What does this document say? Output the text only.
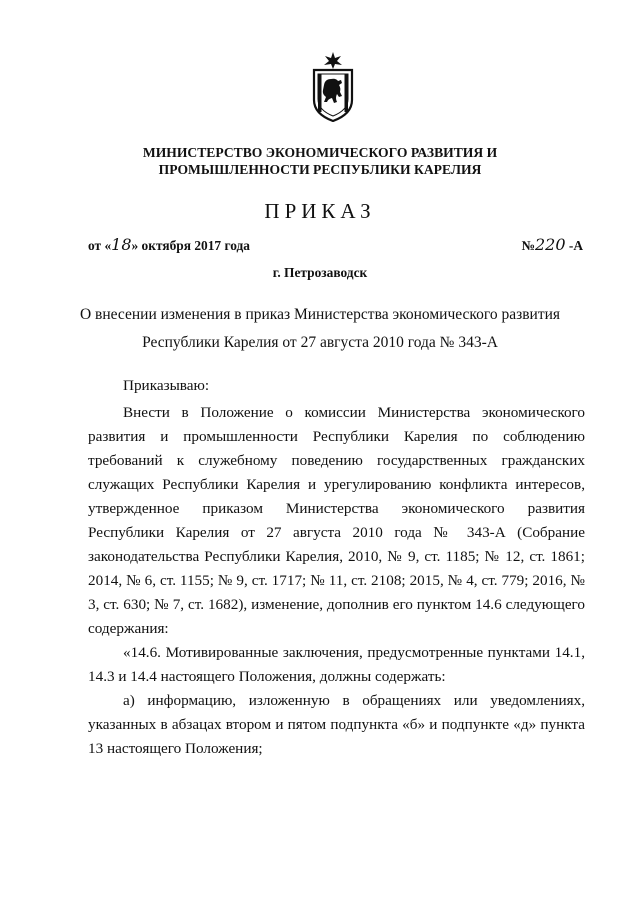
МИНИСТЕРСТВО ЭКОНОМИЧЕСКОГО РАЗВИТИЯ И
ПРОМЫШЛЕННОСТИ РЕСПУБЛИКИ КАРЕЛИЯ
ПРИКАЗ
от «18» октября 2017 года	№220 -А
г. Петрозаводск
О внесении изменения в приказ Министерства экономического развития
Республики Карелия от 27 августа 2010 года № 343-А

Приказываю:

Внести в Положение о комиссии Министерства экономического развития и промышленности Республики Карелия по соблюдению требований к служебному поведению государственных гражданских служащих Республики Карелия и урегулированию конфликта интересов, утвержденное приказом Министерства экономического развития Республики Карелия от 27 августа 2010 года № 343-А (Собрание законодательства Республики Карелия, 2010, № 9, ст. 1185; № 12, ст. 1861; 2014, № 6, ст. 1155; № 9, ст. 1717; № 11, ст. 2108; 2015, № 4, ст. 779; 2016, № 3, ст. 630; № 7, ст. 1682), изменение, дополнив его пунктом 14.6 следующего содержания:

«14.6. Мотивированные заключения, предусмотренные пунктами 14.1, 14.3 и 14.4 настоящего Положения, должны содержать:

а) информацию, изложенную в обращениях или уведомлениях, указанных в абзацах втором и пятом подпункта «б» и подпункте «д» пункта 13 настоящего Положения;
